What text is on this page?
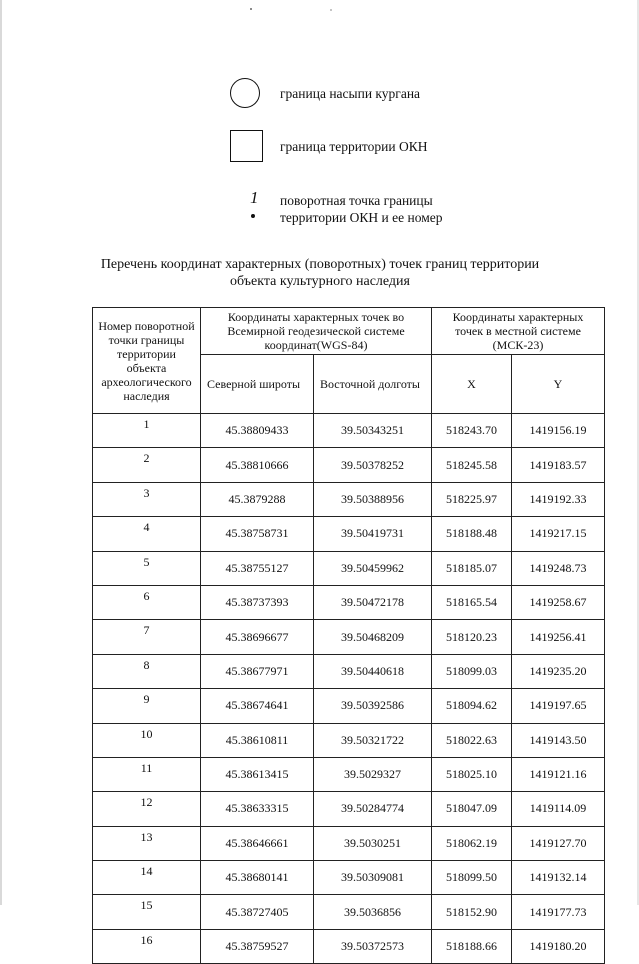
граница насыпи кургана
граница территории ОКН
1 поворотная точка границы
территории ОКН и ее номер
Перечень координат характерных (поворотных) точек границ территории
объекта культурного наследия
Номер поворотной точки границы территории объекта археологического наследия	Координаты характерных точек во Всемирной геодезической системе координат(WGS-84)		Координаты характерных точек в местной системе (МСК-23)	
	Северной широты	Восточной долготы	X	Y
1	45.38809433	39.50343251	518243.70	1419156.19
2	45.38810666	39.50378252	518245.58	1419183.57
3	45.3879288	39.50388956	518225.97	1419192.33
4	45.38758731	39.50419731	518188.48	1419217.15
5	45.38755127	39.50459962	518185.07	1419248.73
6	45.38737393	39.50472178	518165.54	1419258.67
7	45.38696677	39.50468209	518120.23	1419256.41
8	45.38677971	39.50440618	518099.03	1419235.20
9	45.38674641	39.50392586	518094.62	1419197.65
10	45.38610811	39.50321722	518022.63	1419143.50
11	45.38613415	39.5029327	518025.10	1419121.16
12	45.38633315	39.50284774	518047.09	1419114.09
13	45.38646661	39.5030251	518062.19	1419127.70
14	45.38680141	39.50309081	518099.50	1419132.14
15	45.38727405	39.5036856	518152.90	1419177.73
16	45.38759527	39.50372573	518188.66	1419180.20
